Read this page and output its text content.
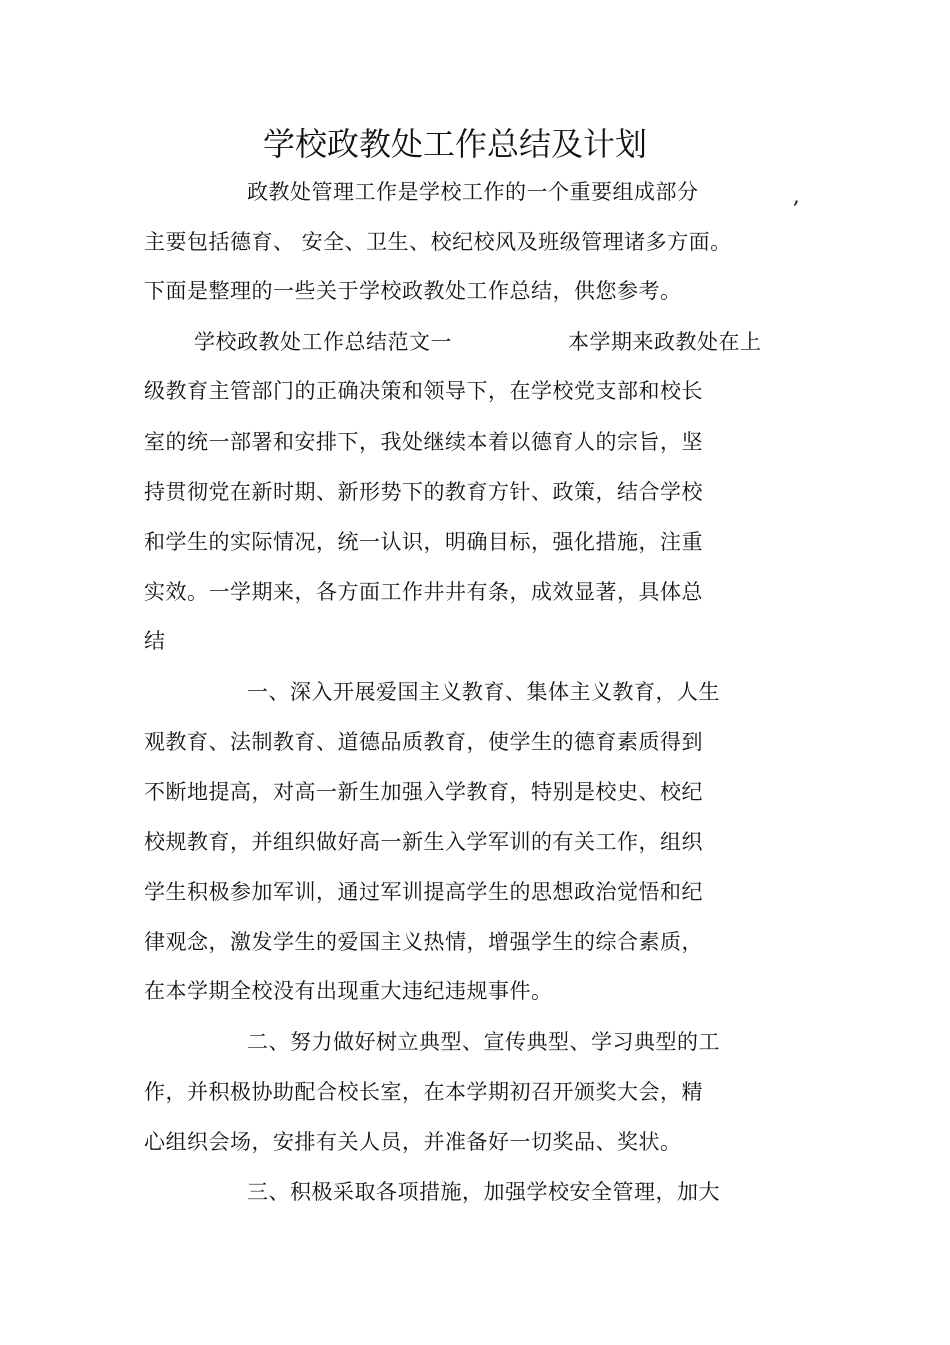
学校政教处工作总结及计划
政教处管理工作是学校工作的一个重要组成部分	,
主要包括德育、 安全、卫生、校纪校风及班级管理诸多方面。
下面是整理的一些关于学校政教处工作总结，供您参考。
学校政教处工作总结范文一	本学期来政教处在上
级教育主管部门的正确决策和领导下，在学校党支部和校长
室的统一部署和安排下，我处继续本着以德育人的宗旨，坚
持贯彻党在新时期、新形势下的教育方针、政策，结合学校
和学生的实际情况，统一认识，明确目标，强化措施，注重
实效。一学期来，各方面工作井井有条，成效显著，具体总
结
一、深入开展爱国主义教育、集体主义教育，人生
观教育、法制教育、道德品质教育，使学生的德育素质得到
不断地提高，对高一新生加强入学教育，特别是校史、校纪
校规教育，并组织做好高一新生入学军训的有关工作，组织
学生积极参加军训，通过军训提高学生的思想政治觉悟和纪
律观念，激发学生的爱国主义热情，增强学生的综合素质，
在本学期全校没有出现重大违纪违规事件。
二、努力做好树立典型、宣传典型、学习典型的工
作，并积极协助配合校长室，在本学期初召开颁奖大会，精
心组织会场，安排有关人员，并准备好一切奖品、奖状。
三、积极采取各项措施，加强学校安全管理，加大
